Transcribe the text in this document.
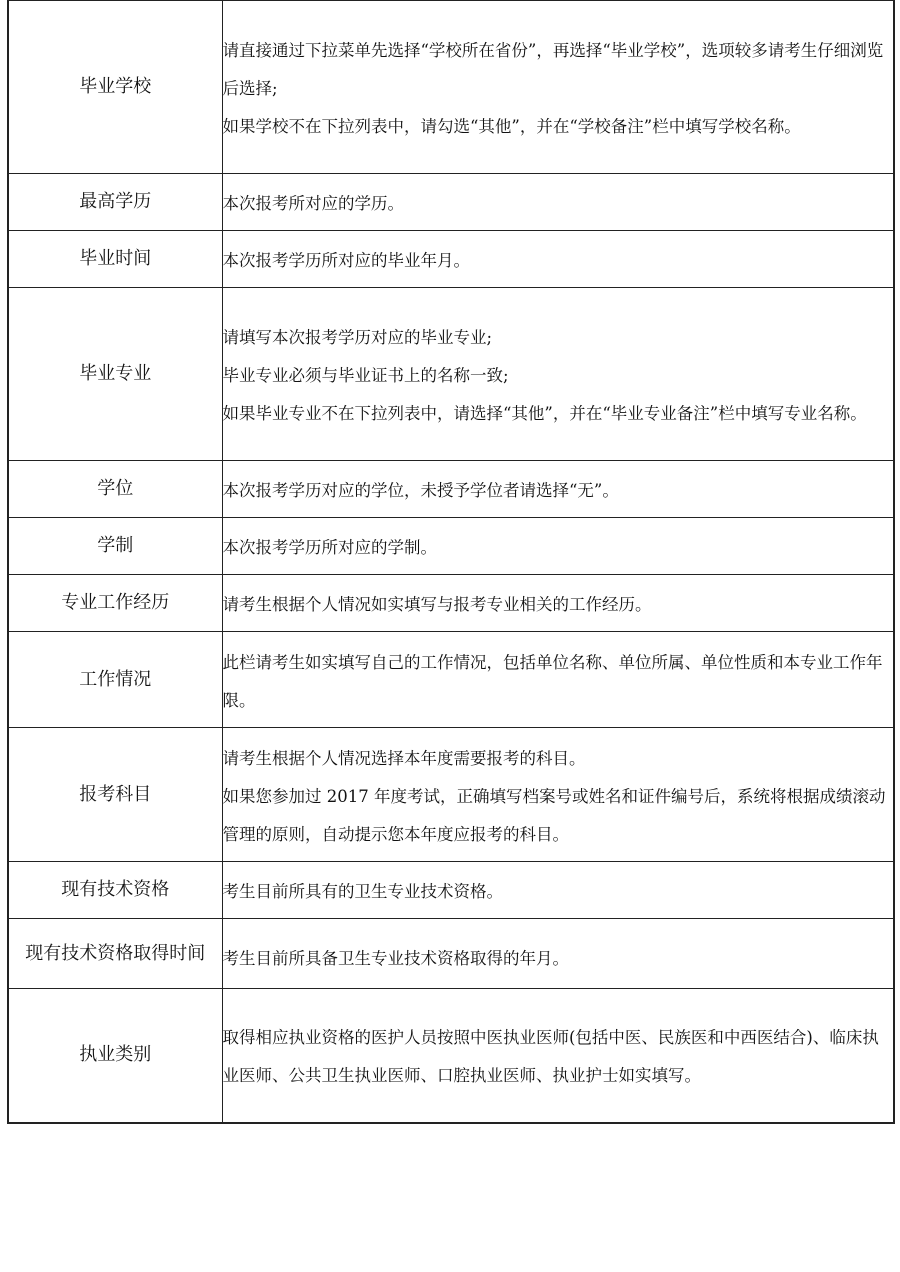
毕业学校	请直接通过下拉菜单先选择“学校所在省份”，再选择“毕业学校”，选项较多请考生仔细浏览后选择;
如果学校不在下拉列表中，请勾选“其他”，并在“学校备注”栏中填写学校名称。

最高学历	本次报考所对应的学历。

毕业时间	本次报考学历所对应的毕业年月。

毕业专业	请填写本次报考学历对应的毕业专业;
毕业专业必须与毕业证书上的名称一致;
如果毕业专业不在下拉列表中，请选择“其他”，并在“毕业专业备注”栏中填写专业名称。

学位	本次报考学历对应的学位，未授予学位者请选择“无”。

学制	本次报考学历所对应的学制。

专业工作经历	请考生根据个人情况如实填写与报考专业相关的工作经历。

工作情况	此栏请考生如实填写自己的工作情况，包括单位名称、单位所属、单位性质和本专业工作年限。

报考科目	请考生根据个人情况选择本年度需要报考的科目。
如果您参加过 2017 年度考试，正确填写档案号或姓名和证件编号后，系统将根据成绩滚动管理的原则，自动提示您本年度应报考的科目。

现有技术资格	考生目前所具有的卫生专业技术资格。

现有技术资格取得时间	考生目前所具备卫生专业技术资格取得的年月。

执业类别	取得相应执业资格的医护人员按照中医执业医师(包括中医、民族医和中西医结合)、临床执业医师、公共卫生执业医师、口腔执业医师、执业护士如实填写。
